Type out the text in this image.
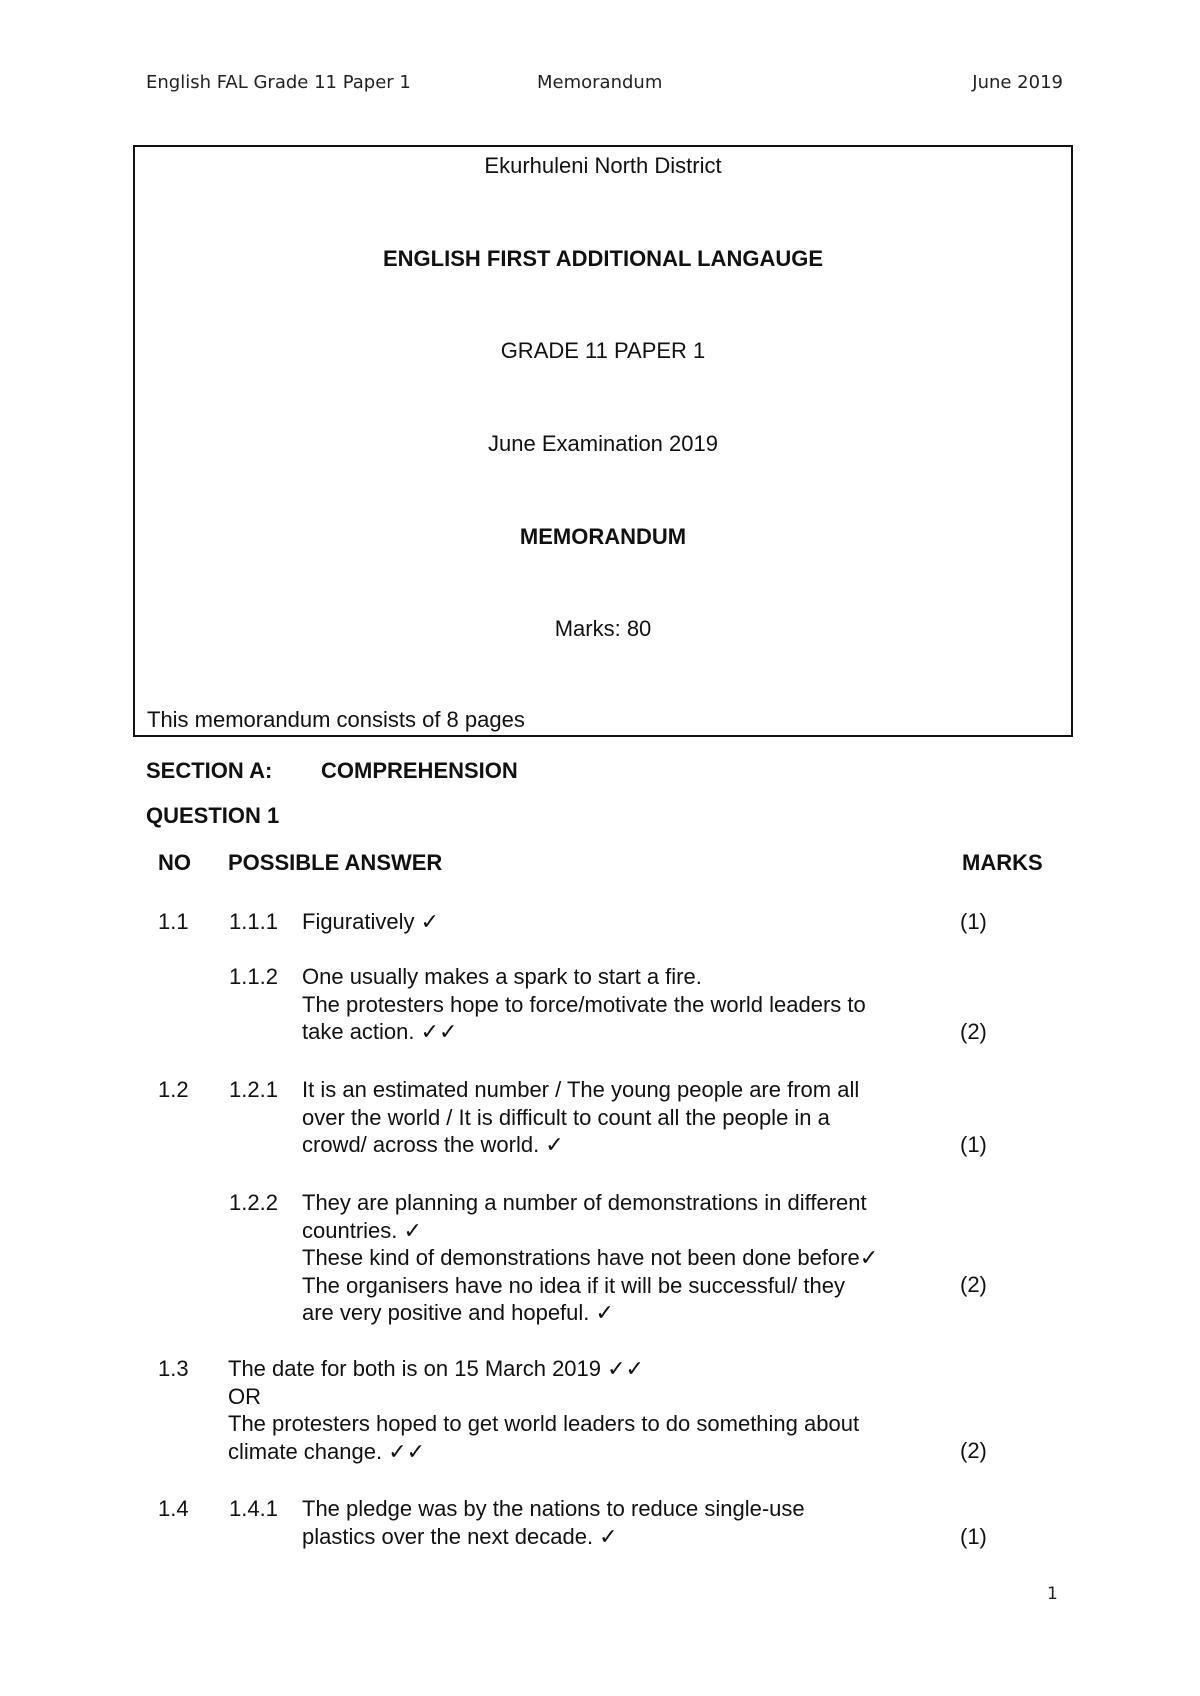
English FAL Grade 11 Paper 1	Memorandum	June 2019
Ekurhuleni North District
ENGLISH FIRST ADDITIONAL LANGAUGE
GRADE 11 PAPER 1
June Examination 2019
MEMORANDUM
Marks: 80
This memorandum consists of 8 pages
SECTION A: COMPREHENSION
QUESTION 1
NO POSSIBLE ANSWER	MARKS
1.1 1.1.1 Figuratively ✓	(1)
1.1.2 One usually makes a spark to start a fire.
The protesters hope to force/motivate the world leaders to
take action. ✓✓	(2)
1.2 1.2.1 It is an estimated number / The young people are from all
over the world / It is difficult to count all the people in a
crowd/ across the world. ✓	(1)
1.2.2 They are planning a number of demonstrations in different
countries. ✓
These kind of demonstrations have not been done before✓
The organisers have no idea if it will be successful/ they
are very positive and hopeful. ✓
(2)
1.3 The date for both is on 15 March 2019 ✓✓
OR
The protesters hoped to get world leaders to do something about
climate change. ✓✓	(2)
1.4 1.4.1 The pledge was by the nations to reduce single-use
plastics over the next decade. ✓	(1)
1
